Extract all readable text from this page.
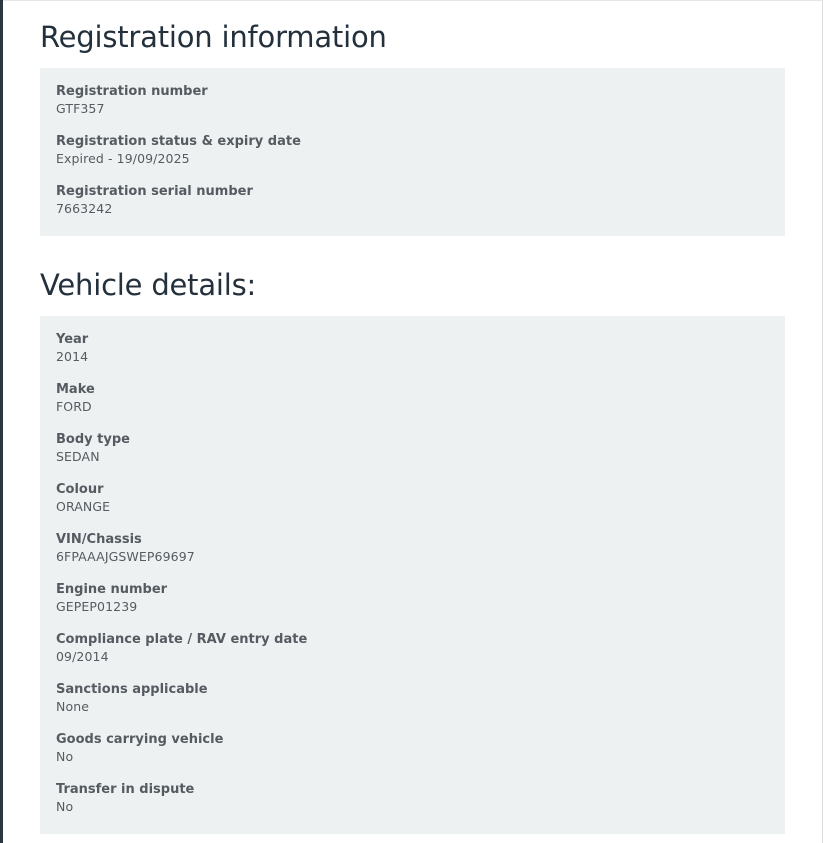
Registration information
Registration number
GTF357
Registration status & expiry date
Expired - 19/09/2025
Registration serial number
7663242
Vehicle details:
Year
2014
Make
FORD
Body type
SEDAN
Colour
ORANGE
VIN/Chassis
6FPAAAJGSWEP69697
Engine number
GEPEP01239
Compliance plate / RAV entry date
09/2014
Sanctions applicable
None
Goods carrying vehicle
No
Transfer in dispute
No
